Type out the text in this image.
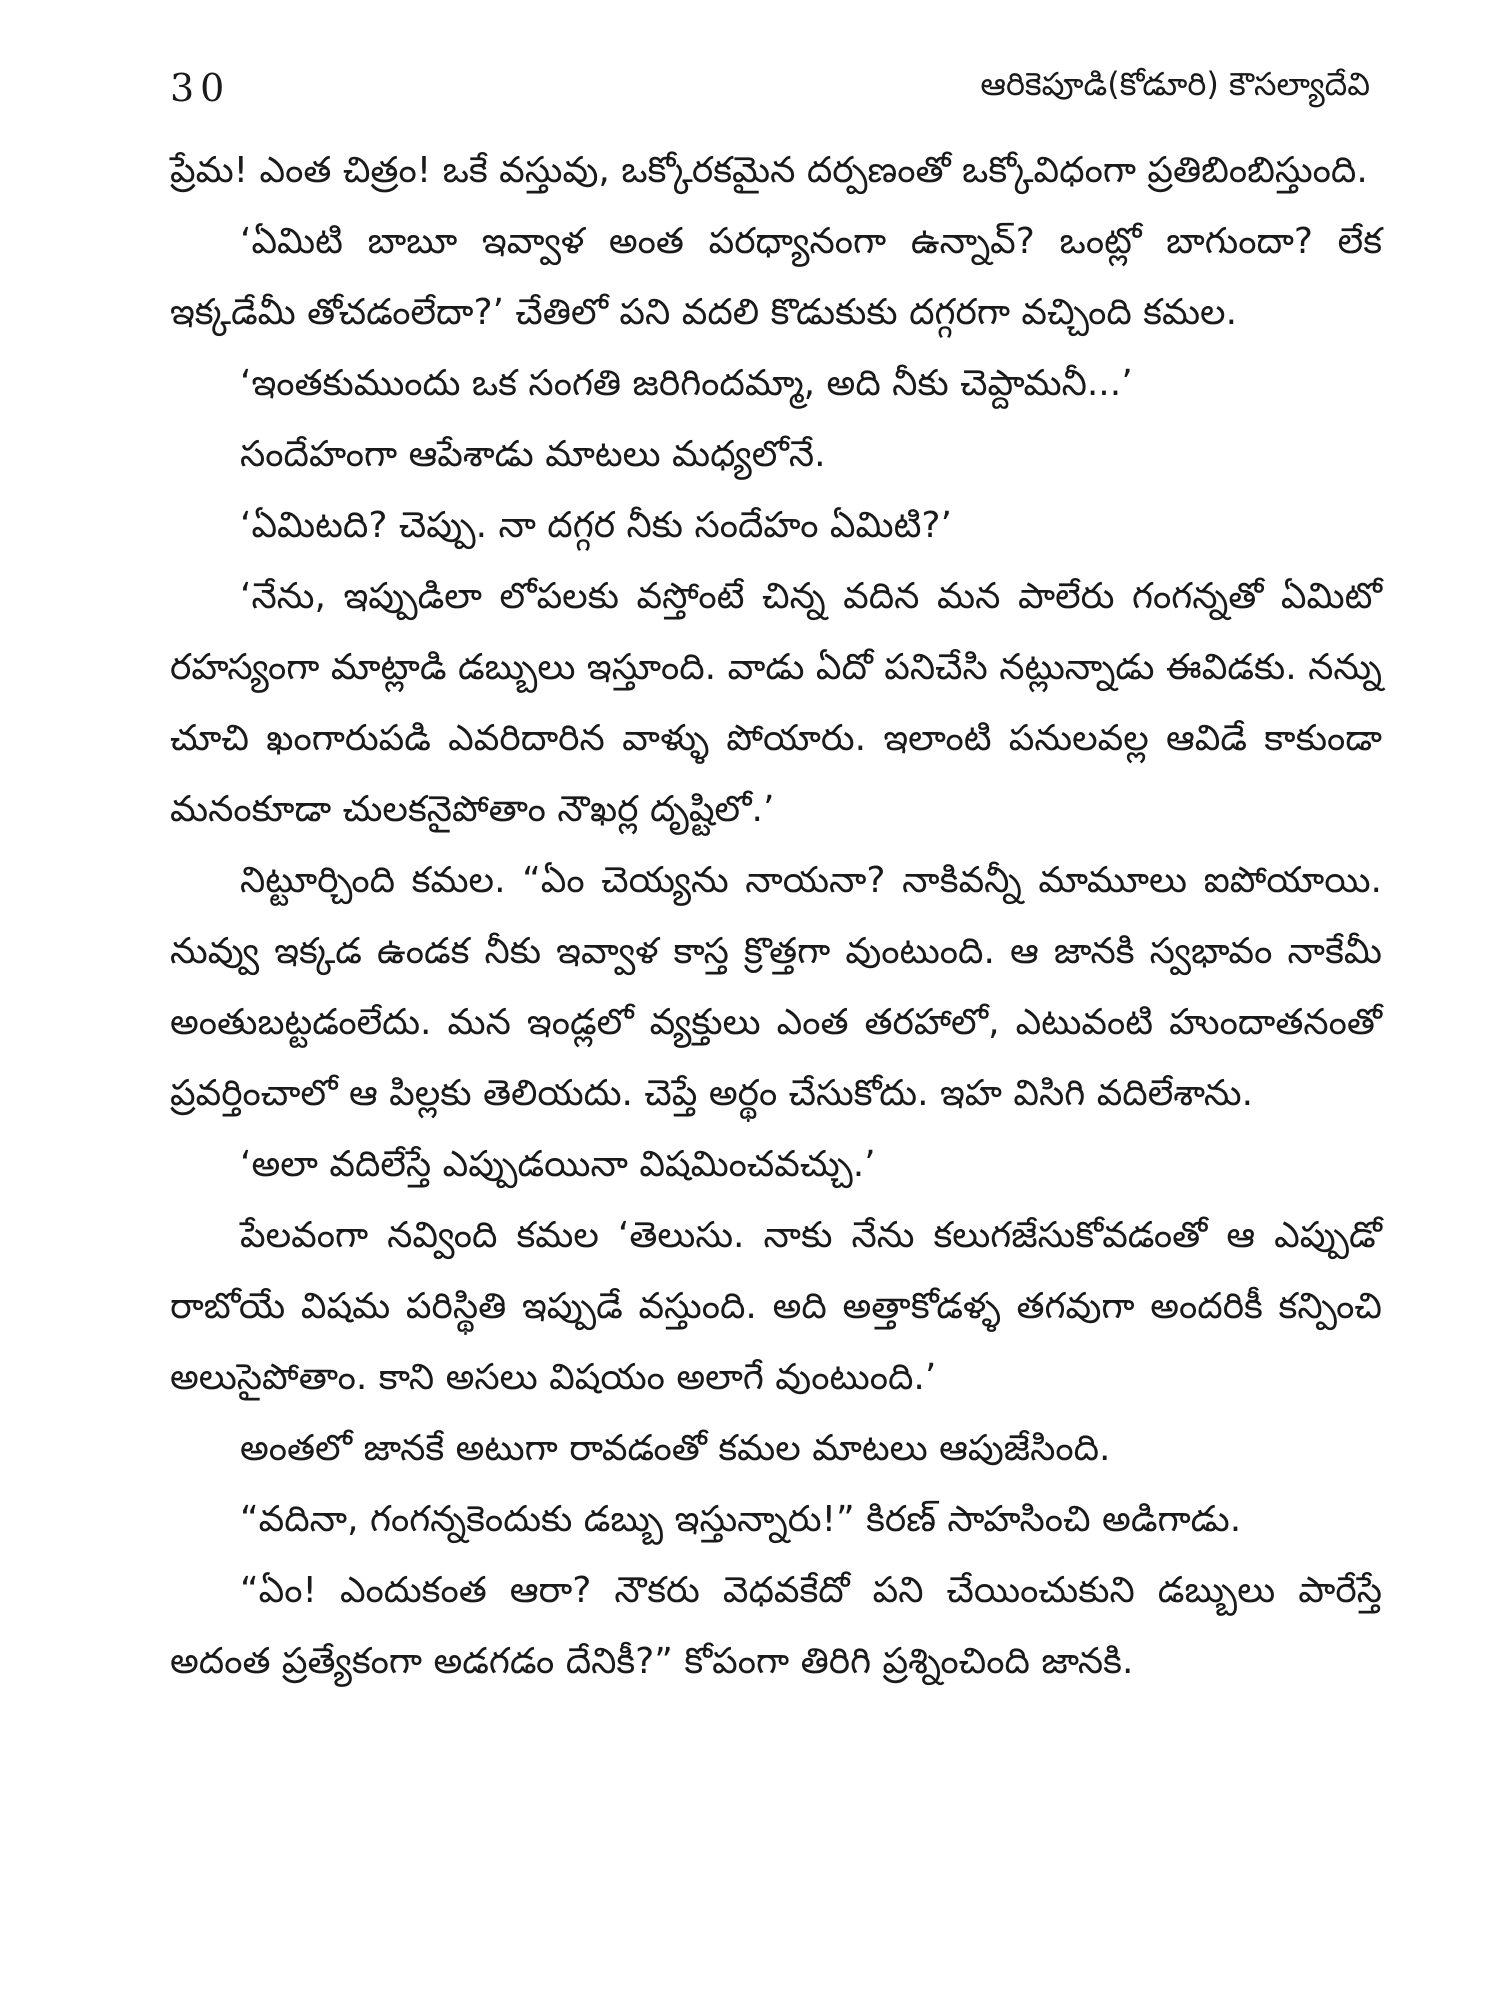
30	ఆరికెపూడి(కోడూరి) కౌసల్యాదేవి

ప్రేమ! ఎంత చిత్రం! ఒకే వస్తువు, ఒక్కోరకమైన దర్పణంతో ఒక్కోవిధంగా ప్రతిబింబిస్తుంది.

‘ఏమిటి బాబూ ఇవ్వాళ అంత పరధ్యానంగా ఉన్నావ్? ఒంట్లో బాగుందా? లేక ఇక్కడేమీ తోచడంలేదా?’ చేతిలో పని వదలి కొడుకుకు దగ్గరగా వచ్చింది కమల.

‘ఇంతకుముందు ఒక సంగతి జరిగిందమ్మా, అది నీకు చెప్దామనీ...’

సందేహంగా ఆపేశాడు మాటలు మధ్యలోనే.

‘ఏమిటది? చెప్పు. నా దగ్గర నీకు సందేహం ఏమిటి?’

‘నేను, ఇప్పుడిలా లోపలకు వస్తోంటే చిన్న వదిన మన పాలేరు గంగన్నతో ఏమిటో రహస్యంగా మాట్లాడి డబ్బులు ఇస్తూంది. వాడు ఏదో పనిచేసి నట్లున్నాడు ఈవిడకు. నన్ను చూచి ఖంగారుపడి ఎవరిదారిన వాళ్ళు పోయారు. ఇలాంటి పనులవల్ల ఆవిడే కాకుండా మనంకూడా చులకనైపోతాం నౌఖర్ల దృష్టిలో.’

నిట్టూర్చింది కమల. “ఏం చెయ్యను నాయనా? నాకివన్నీ మామూలు ఐపోయాయి. నువ్వు ఇక్కడ ఉండక నీకు ఇవ్వాళ కాస్త క్రొత్తగా వుంటుంది. ఆ జానకి స్వభావం నాకేమీ అంతుబట్టడంలేదు. మన ఇండ్లలో వ్యక్తులు ఎంత తరహాలో, ఎటువంటి హుందాతనంతో ప్రవర్తించాలో ఆ పిల్లకు తెలియదు. చెప్తే అర్థం చేసుకోదు. ఇహ విసిగి వదిలేశాను.

‘అలా వదిలేస్తే ఎప్పుడయినా విషమించవచ్చు.’

పేలవంగా నవ్వింది కమల ‘తెలుసు. నాకు నేను కలుగజేసుకోవడంతో ఆ ఎప్పుడో రాబోయే విషమ పరిస్థితి ఇప్పుడే వస్తుంది. అది అత్తాకోడళ్ళ తగవుగా అందరికీ కన్పించి అలుసైపోతాం. కాని అసలు విషయం అలాగే వుంటుంది.’

అంతలో జానకే అటుగా రావడంతో కమల మాటలు ఆపుజేసింది.

“వదినా, గంగన్నకెందుకు డబ్బు ఇస్తున్నారు!” కిరణ్ సాహసించి అడిగాడు.

“ఏం! ఎందుకంత ఆరా? నౌకరు వెధవకేదో పని చేయించుకుని డబ్బులు పారేస్తే అదంత ప్రత్యేకంగా అడగడం దేనికీ?” కోపంగా తిరిగి ప్రశ్నించింది జానకి.
